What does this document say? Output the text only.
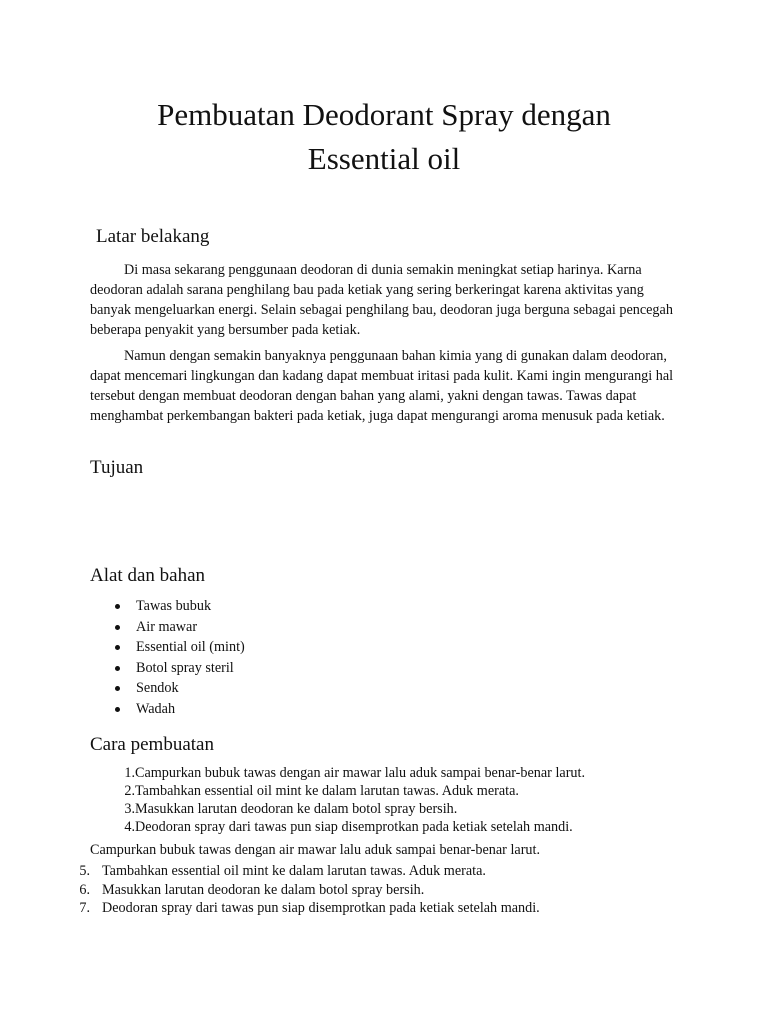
Pembuatan Deodorant Spray dengan
Essential oil
Latar belakang

Di masa sekarang penggunaan deodoran di dunia semakin meningkat setiap harinya. Karna deodoran adalah sarana penghilang bau pada ketiak yang sering berkeringat karena aktivitas yang banyak mengeluarkan energi. Selain sebagai penghilang bau, deodoran juga berguna sebagai pencegah beberapa penyakit yang bersumber pada ketiak.

Namun dengan semakin banyaknya penggunaan bahan kimia yang di gunakan dalam deodoran, dapat mencemari lingkungan dan kadang dapat membuat iritasi pada kulit. Kami ingin mengurangi hal tersebut dengan membuat deodoran dengan bahan yang alami, yakni dengan tawas. Tawas dapat menghambat perkembangan bakteri pada ketiak, juga dapat mengurangi aroma menusuk pada ketiak.

Tujuan
Alat dan bahan
Tawas bubuk
Air mawar
Essential oil (mint)
Botol spray steril
Sendok
Wadah
Cara pembuatan
1. Campurkan bubuk tawas dengan air mawar lalu aduk sampai benar-benar larut.
2. Tambahkan essential oil mint ke dalam larutan tawas. Aduk merata.
3. Masukkan larutan deodoran ke dalam botol spray bersih.
4. Deodoran spray dari tawas pun siap disemprotkan pada ketiak setelah mandi.
Campurkan bubuk tawas dengan air mawar lalu aduk sampai benar-benar larut.
5. Tambahkan essential oil mint ke dalam larutan tawas. Aduk merata.
6. Masukkan larutan deodoran ke dalam botol spray bersih.
7. Deodoran spray dari tawas pun siap disemprotkan pada ketiak setelah mandi.
